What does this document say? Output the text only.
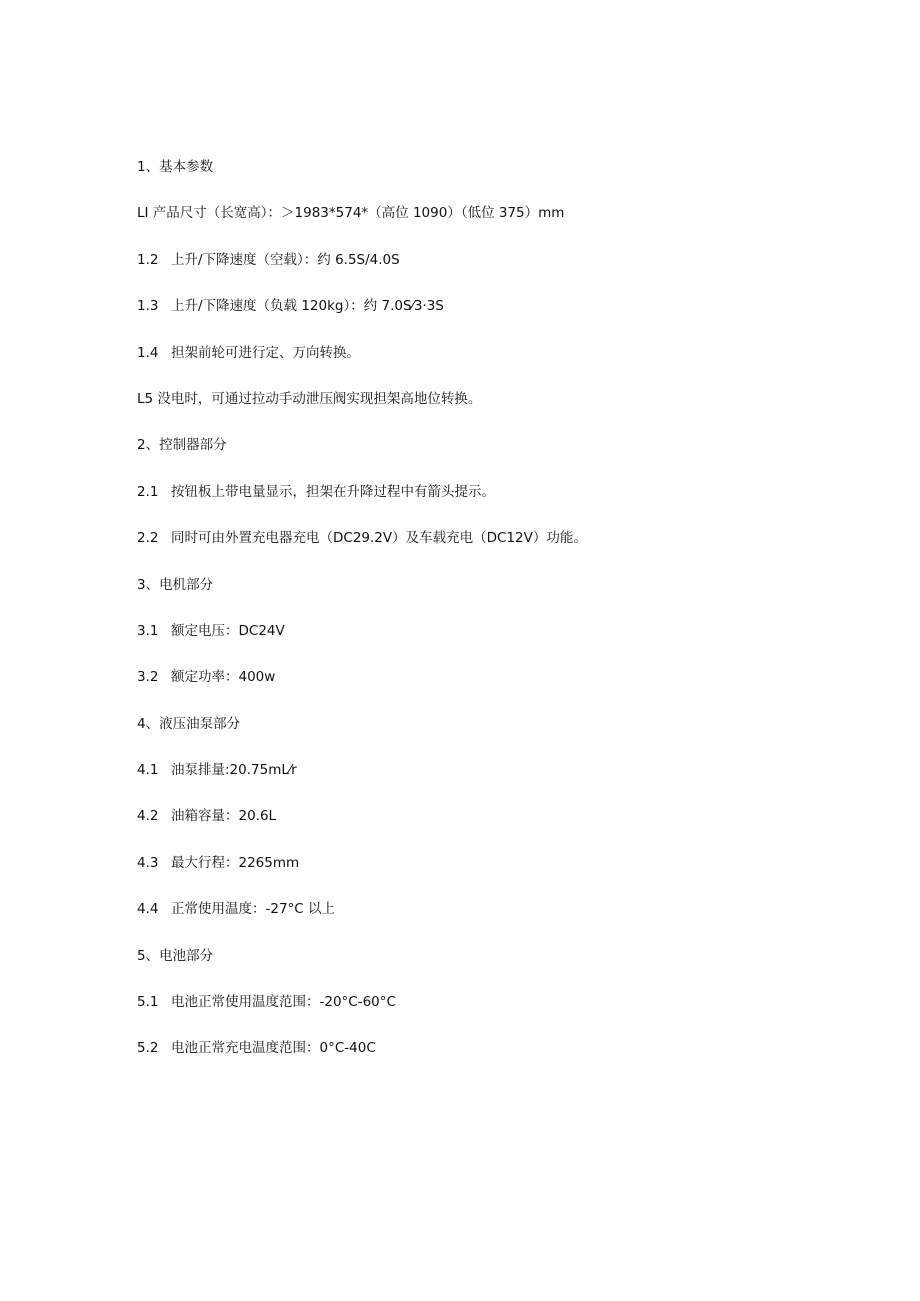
1、基本参数
LI 产品尺寸（长宽高）：＞1983*574*（高位 1090）（低位 375）mm
1.2 上升/下降速度（空载）：约 6.5S/4.0S
1.3 上升/下降速度（负载 120kg）：约 7.0S⁄3·3S
1.4 担架前轮可进行定、万向转换。
L5 没电时，可通过拉动手动泄压阀实现担架高地位转换。
2、控制器部分
2.1 按钮板上带电量显示，担架在升降过程中有箭头提示。
2.2 同时可由外置充电器充电（DC29.2V）及车载充电（DC12V）功能。
3、电机部分
3.1 额定电压：DC24V
3.2 额定功率：400w
4、液压油泵部分
4.1 油泵排量:20.75mL⁄r
4.2 油箱容量：20.6L
4.3 最大行程：2265mm
4.4 正常使用温度：-27°C 以上
5、电池部分
5.1 电池正常使用温度范围：-20°C-60°C
5.2 电池正常充电温度范围：0°C-40C
